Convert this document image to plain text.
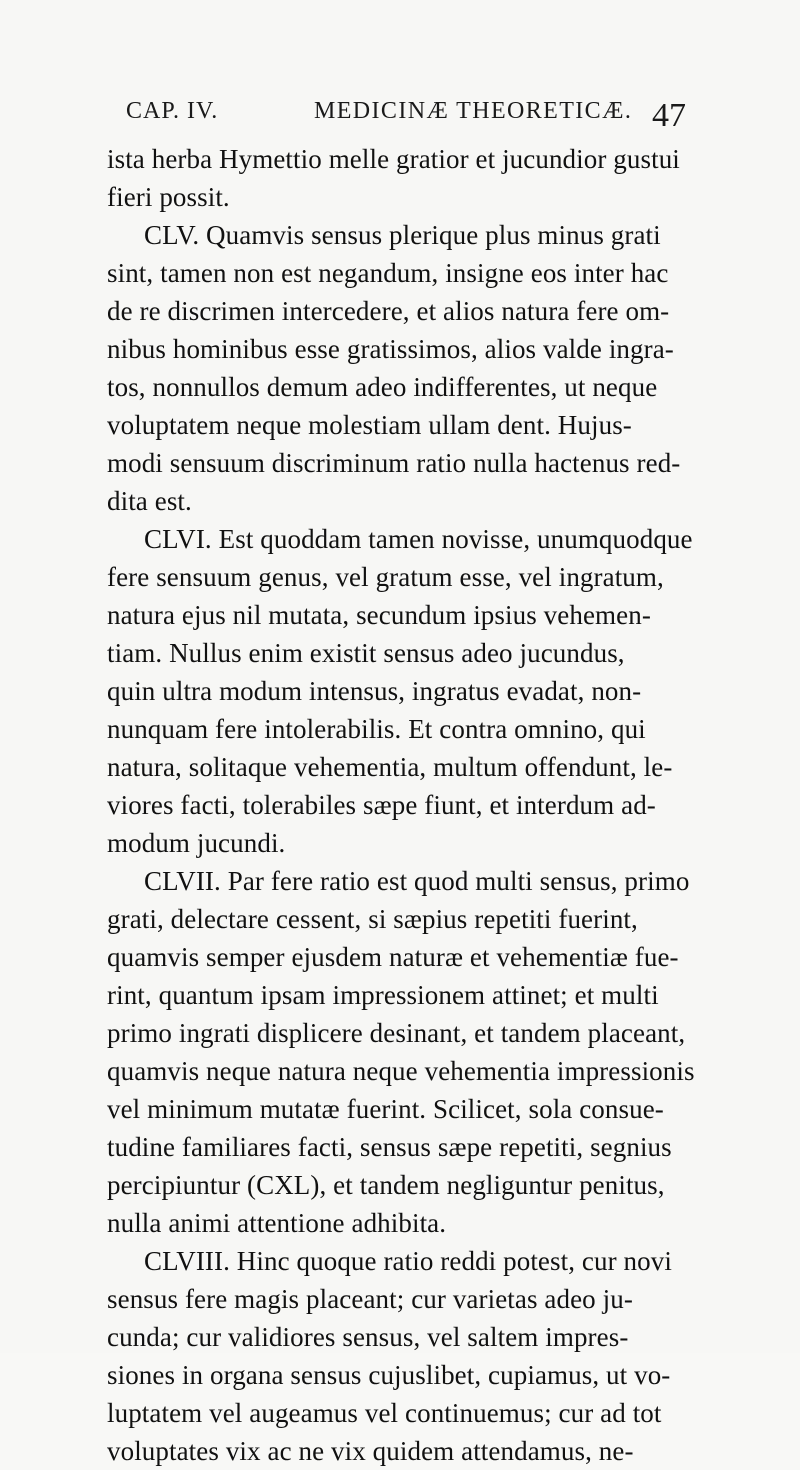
CAP. IV.	MEDICINÆ THEORETICÆ. 47
ista herba Hymettio melle gratior et jucundior gustui
fieri possit.
CLV. Quamvis sensus plerique plus minus grati
sint, tamen non est negandum, insigne eos inter hac
de re discrimen intercedere, et alios natura fere om-
nibus hominibus esse gratissimos, alios valde ingra-
tos, nonnullos demum adeo indifferentes, ut neque
voluptatem neque molestiam ullam dent. Hujus-
modi sensuum discriminum ratio nulla hactenus red-
dita est.
CLVI. Est quoddam tamen novisse, unumquodque
fere sensuum genus, vel gratum esse, vel ingratum,
natura ejus nil mutata, secundum ipsius vehemen-
tiam. Nullus enim existit sensus adeo jucundus,
quin ultra modum intensus, ingratus evadat, non-
nunquam fere intolerabilis. Et contra omnino, qui
natura, solitaque vehementia, multum offendunt, le-
viores facti, tolerabiles sæpe fiunt, et interdum ad-
modum jucundi.
CLVII. Par fere ratio est quod multi sensus, primo
grati, delectare cessent, si sæpius repetiti fuerint,
quamvis semper ejusdem naturæ et vehementiæ fue-
rint, quantum ipsam impressionem attinet; et multi
primo ingrati displicere desinant, et tandem placeant,
quamvis neque natura neque vehementia impressionis
vel minimum mutatæ fuerint. Scilicet, sola consue-
tudine familiares facti, sensus sæpe repetiti, segnius
percipiuntur (CXL), et tandem negliguntur penitus,
nulla animi attentione adhibita.
CLVIII. Hinc quoque ratio reddi potest, cur novi
sensus fere magis placeant; cur varietas adeo ju-
cunda; cur validiores sensus, vel saltem impres-
siones in organa sensus cujuslibet, cupiamus, ut vo-
luptatem vel augeamus vel continuemus; cur ad tot
voluptates vix ac ne vix quidem attendamus, ne-
